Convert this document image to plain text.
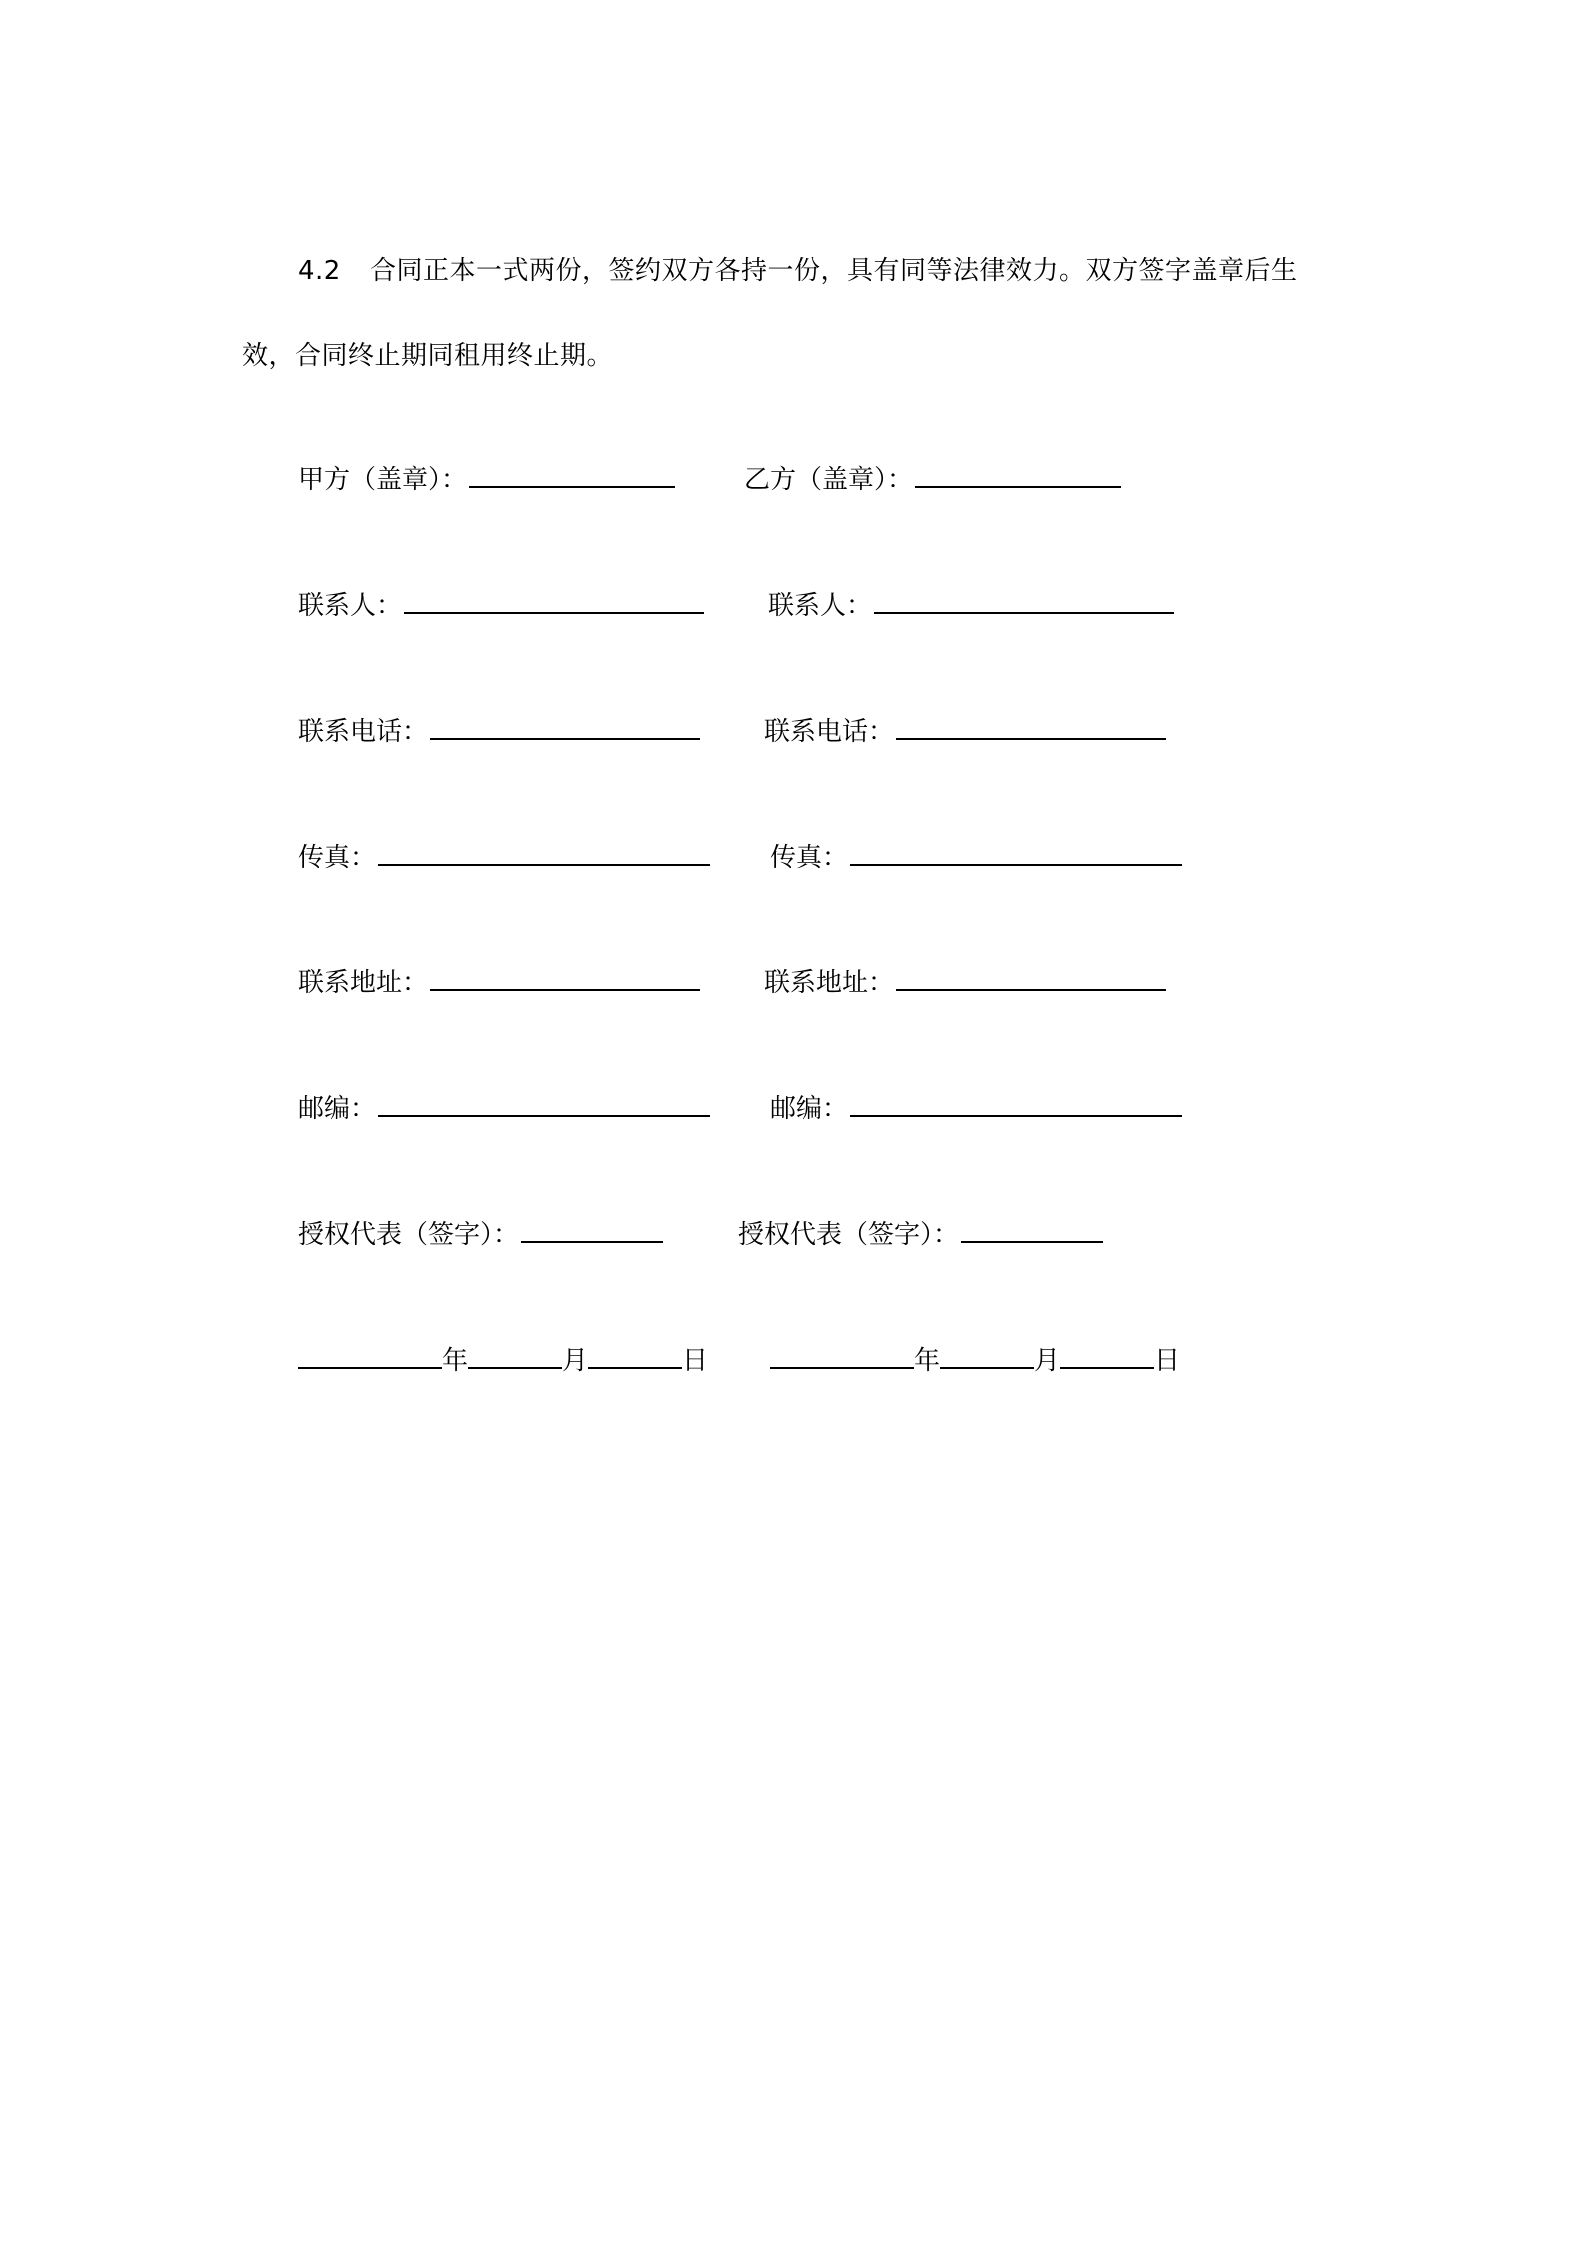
4.2 合同正本一式两份，签约双方各持一份，具有同等法律效力。双方签字盖章后生
效，合同终止期同租用终止期。
甲方（盖章）：	乙方（盖章）：
联系人：	联系人：
联系电话：	联系电话：
传真：	传真：
联系地址：	联系地址：
邮编：	邮编：
授权代表（签字）：	授权代表（签字）：
年	月	日	年	月	日
